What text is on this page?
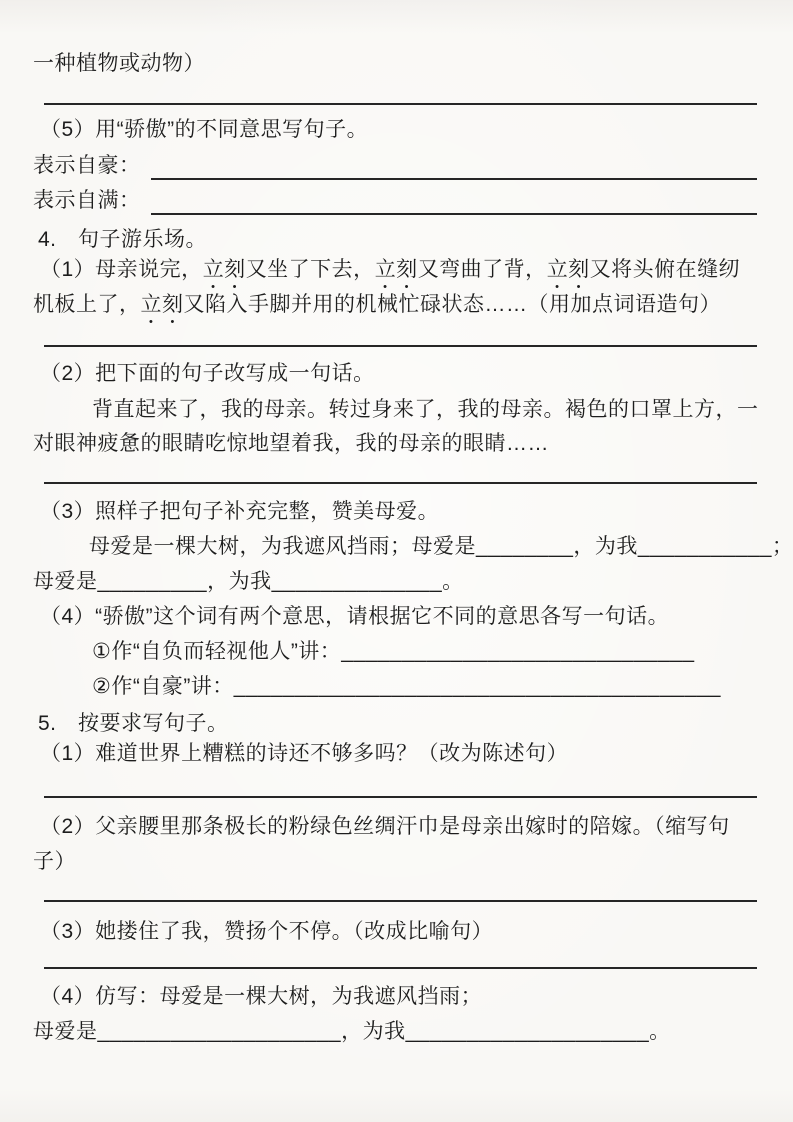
一种植物或动物）
（5）用“骄傲”的不同意思写句子。
表示自豪：
表示自满：
4.　句子游乐场。
（1）母亲说完，立刻又坐了下去，立刻又弯曲了背，立刻又将头俯在缝纫
机板上了，立刻又陷入手脚并用的机械忙碌状态……（用加点词语造句）
（2）把下面的句子改写成一句话。
背直起来了，我的母亲。转过身来了，我的母亲。褐色的口罩上方，一
对眼神疲惫的眼睛吃惊地望着我，我的母亲的眼睛……
（3）照样子把句子补充完整，赞美母爱。
母爱是一棵大树，为我遮风挡雨；母爱是________，为我___________；
母爱是_________，为我______________。
（4）“骄傲”这个词有两个意思，请根据它不同的意思各写一句话。
①作“自负而轻视他人”讲：_____________________________
②作“自豪”讲：________________________________________
5.　按要求写句子。
（1）难道世界上糟糕的诗还不够多吗？（改为陈述句）
（2）父亲腰里那条极长的粉绿色丝绸汗巾是母亲出嫁时的陪嫁。（缩写句
子）
（3）她搂住了我，赞扬个不停。（改成比喻句）
（4）仿写：母爱是一棵大树，为我遮风挡雨；
母爱是____________________，为我____________________。
